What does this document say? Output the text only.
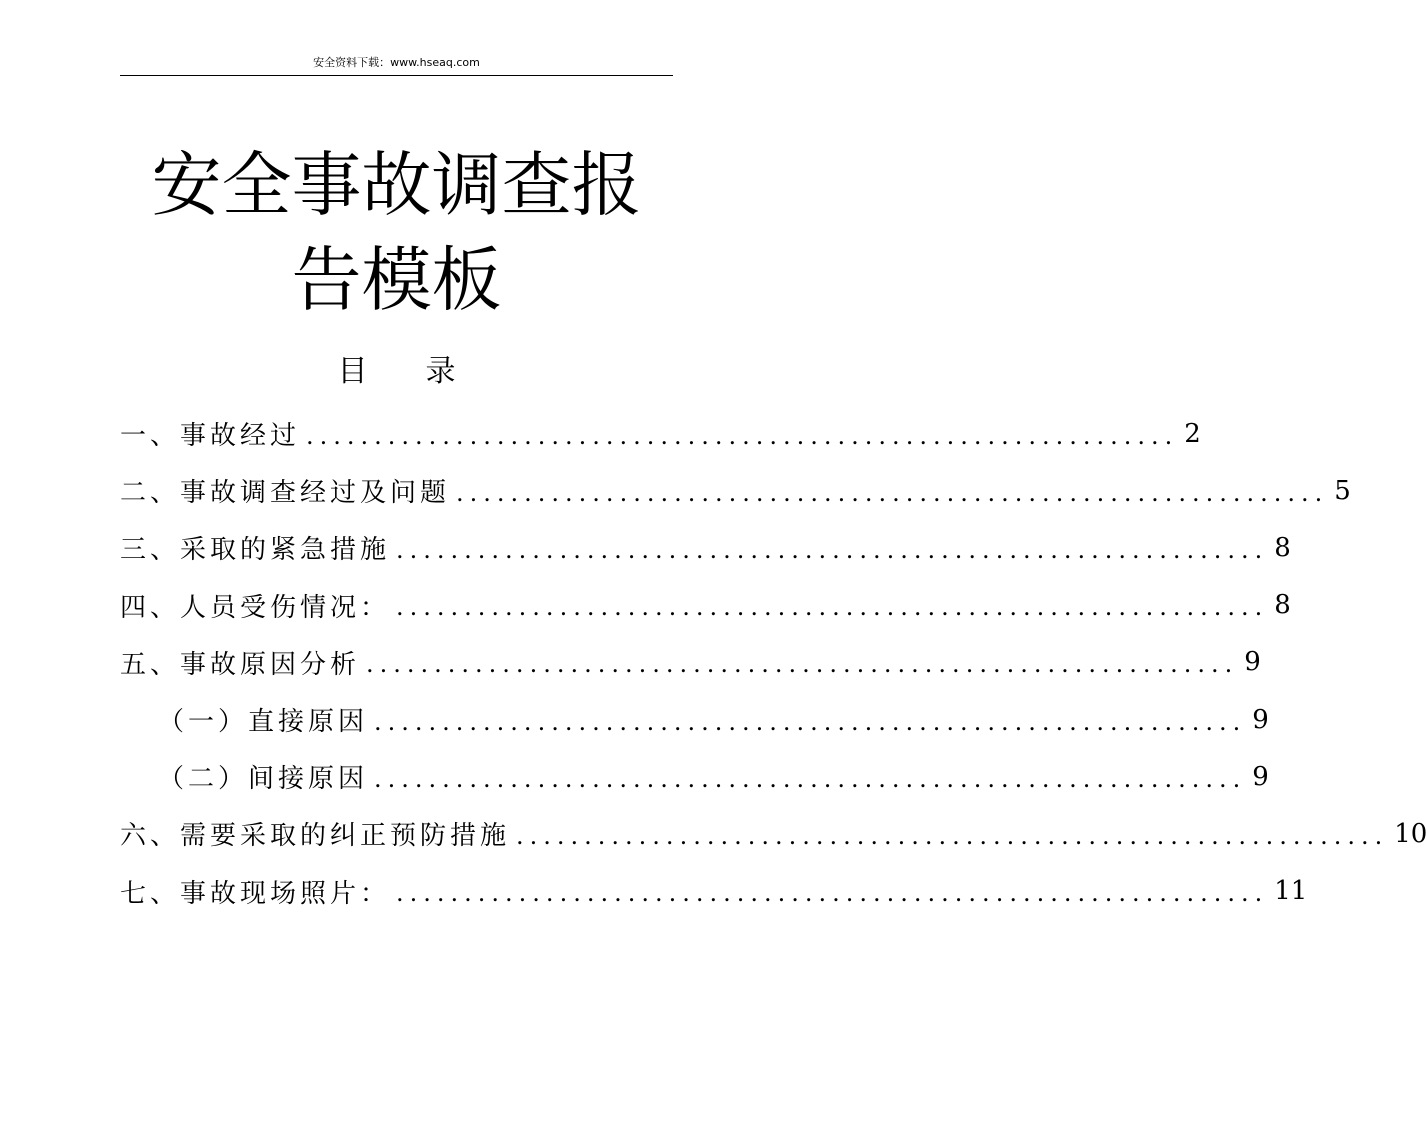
安全资料下载：www.hseaq.com
安全事故调查报
告模板
目录
一、事故经过 ................................................................ 2
二、事故调查经过及问题 ................................................................ 5
三、采取的紧急措施 ................................................................ 8
四、人员受伤情况： ................................................................ 8
五、事故原因分析 ................................................................ 9
（一）直接原因 ................................................................ 9
（二）间接原因 ................................................................ 9
六、需要采取的纠正预防措施 ................................................................ 10
七、事故现场照片： ................................................................ 11
